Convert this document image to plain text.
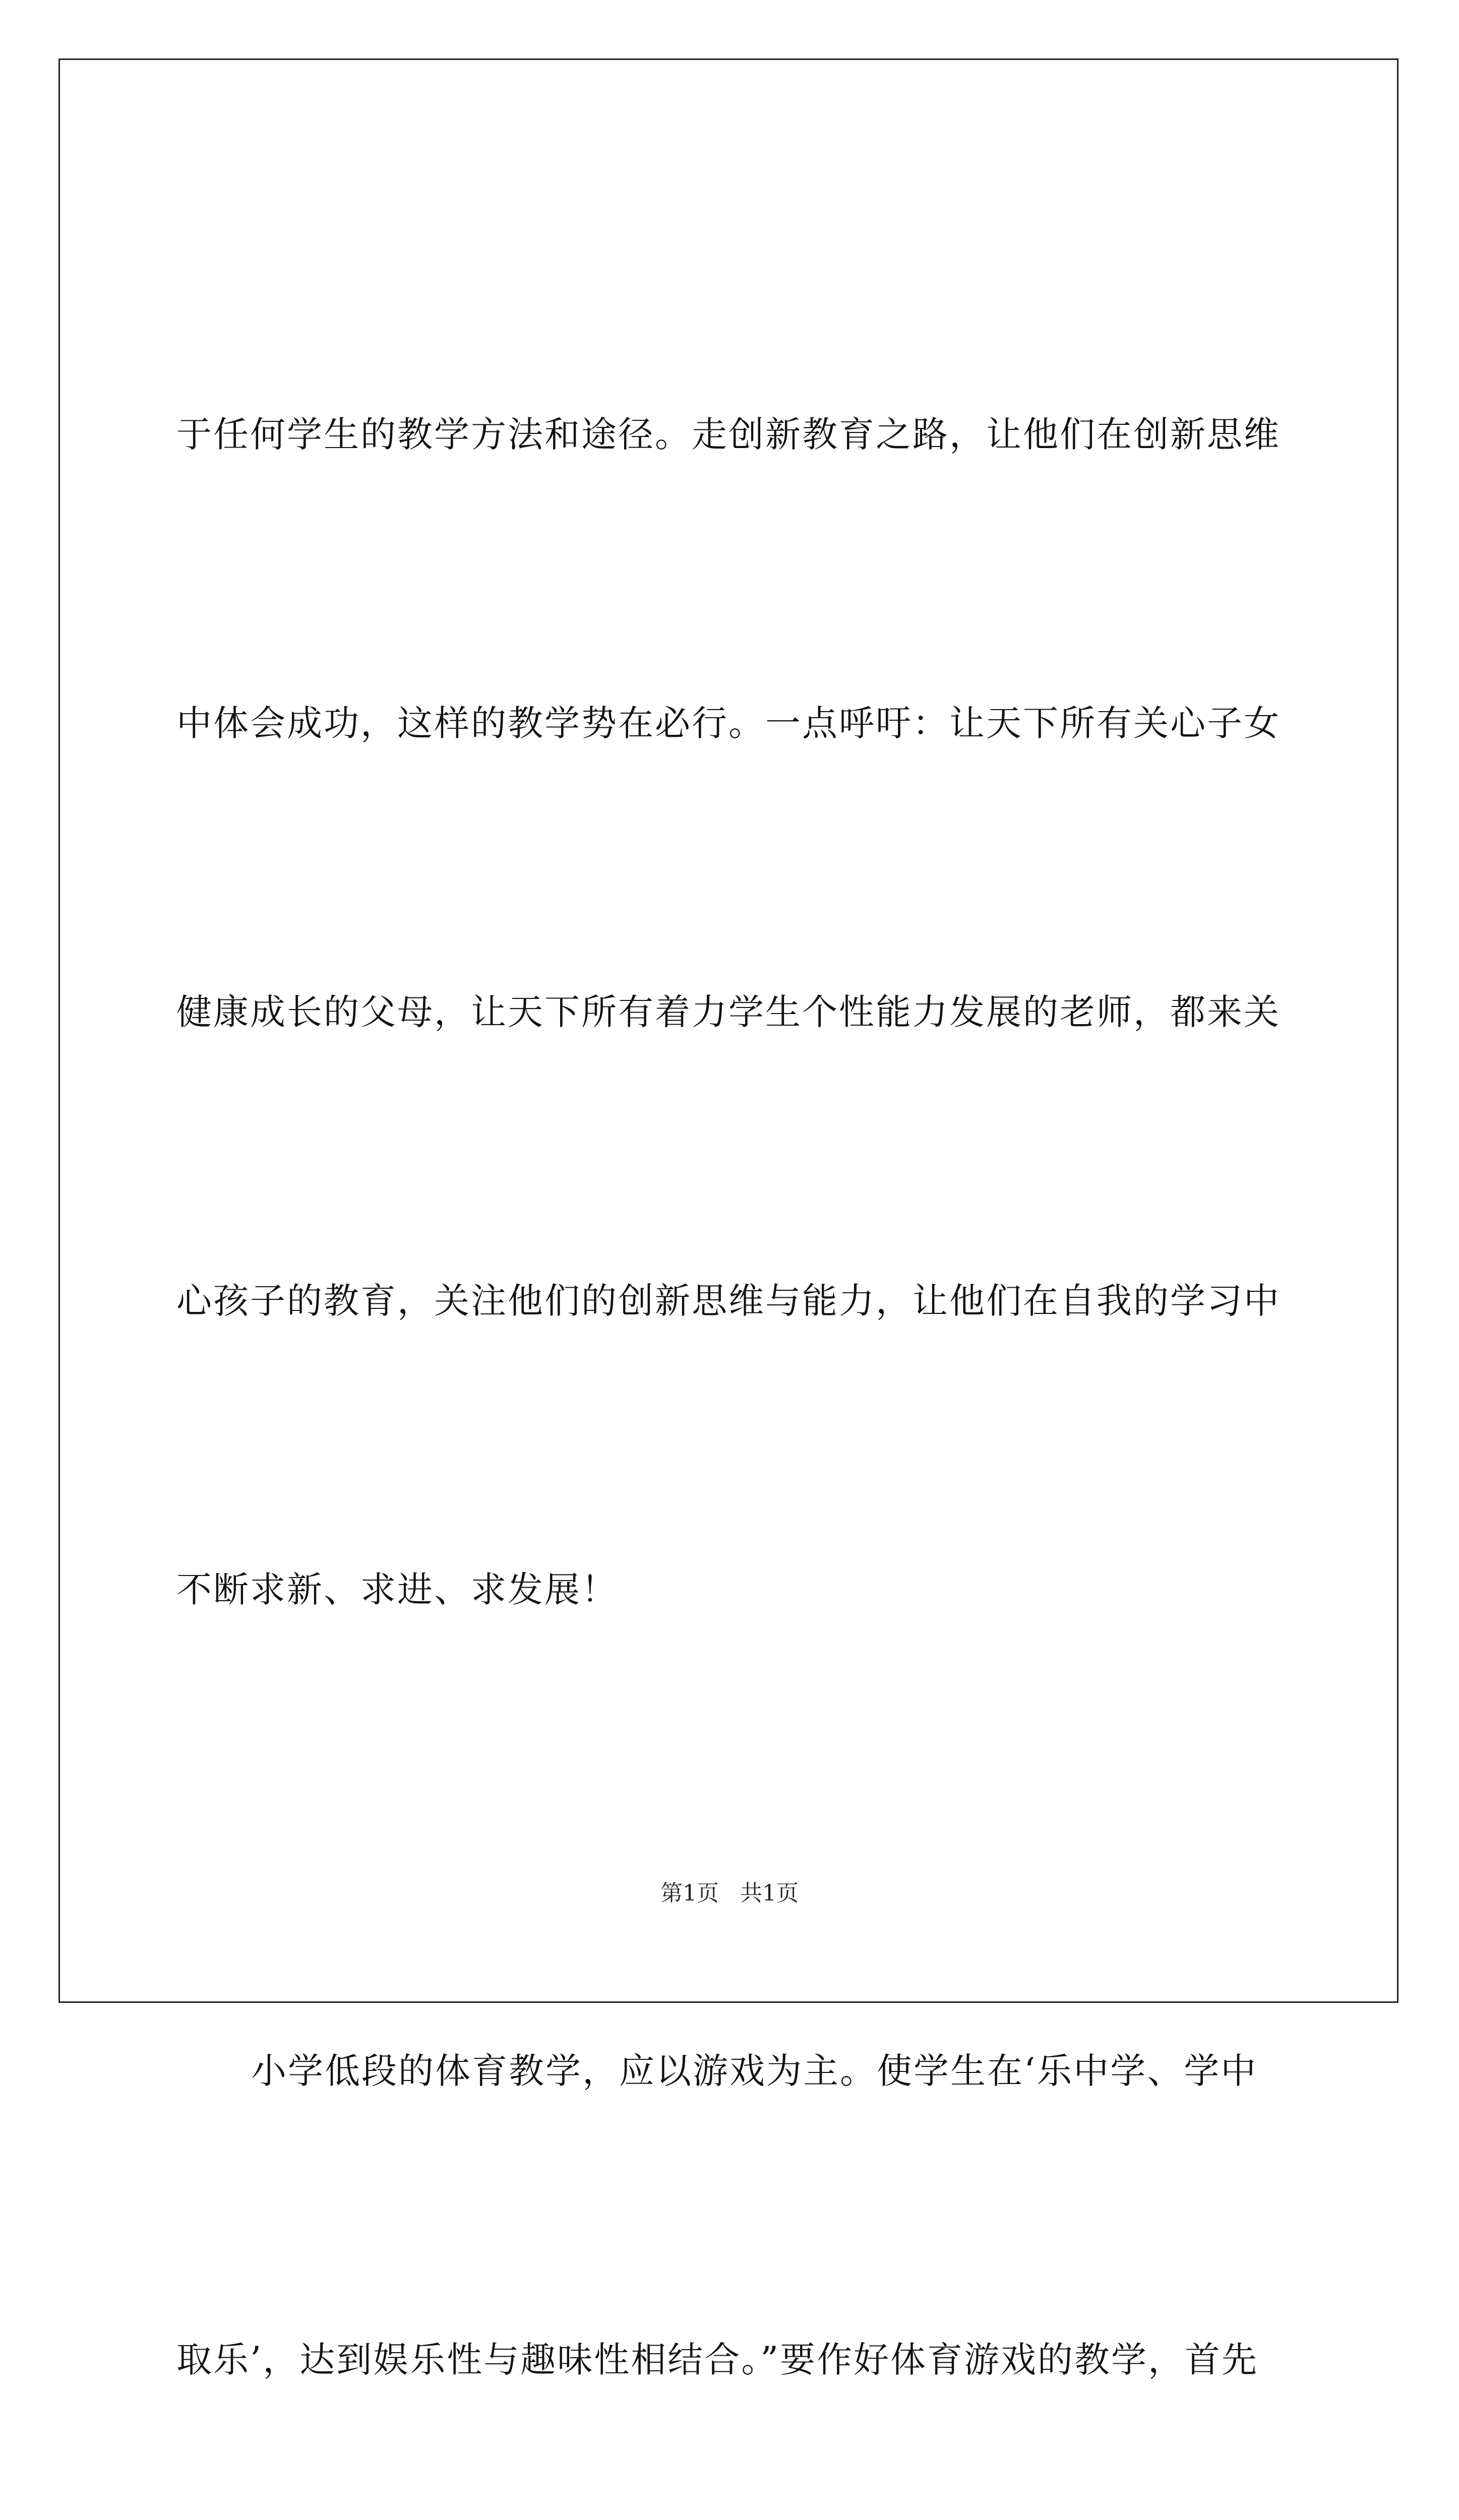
于任何学生的教学方法和途径。走创新教育之路，让他们在创新思维

中体会成功，这样的教学势在必行。一点呼吁：让天下所有关心子女

健康成长的父母，让天下所有着力学生个性能力发展的老师，都来关

心孩子的教育，关注他们的创新思维与能力，让他们在自我的学习中

不断求新、求进、求发展！

小学低段的体育教学，应以游戏为主。使学生在‘乐中学、学中

取乐’，达到娱乐性与趣味性相结合。”要作好体育游戏的教学，首先

第1页 共1页
